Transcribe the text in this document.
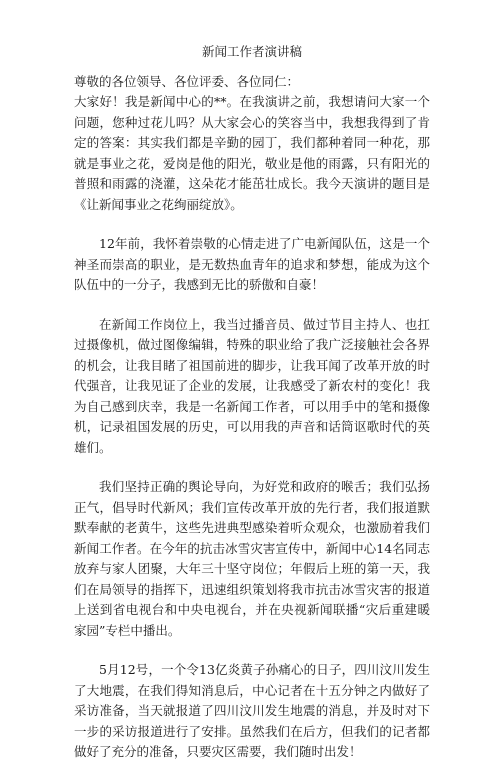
新闻工作者演讲稿

尊敬的各位领导、各位评委、各位同仁：

大家好！我是新闻中心的**。在我演讲之前，我想请问大家一个问题，您种过花儿吗？从大家会心的笑容当中，我想我得到了肯定的答案：其实我们都是辛勤的园丁，我们都种着同一种花，那就是事业之花，爱岗是他的阳光，敬业是他的雨露，只有阳光的普照和雨露的浇灌，这朵花才能茁壮成长。我今天演讲的题目是《让新闻事业之花绚丽绽放》。

12年前，我怀着崇敬的心情走进了广电新闻队伍，这是一个神圣而崇高的职业，是无数热血青年的追求和梦想，能成为这个队伍中的一分子，我感到无比的骄傲和自豪！

在新闻工作岗位上，我当过播音员、做过节目主持人、也扛过摄像机，做过图像编辑，特殊的职业给了我广泛接触社会各界的机会，让我目睹了祖国前进的脚步，让我耳闻了改革开放的时代强音，让我见证了企业的发展，让我感受了新农村的变化！我为自己感到庆幸，我是一名新闻工作者，可以用手中的笔和摄像机，记录祖国发展的历史，可以用我的声音和话筒讴歌时代的英雄们。

我们坚持正确的舆论导向，为好党和政府的喉舌；我们弘扬正气，倡导时代新风；我们宣传改革开放的先行者，我们报道默默奉献的老黄牛，这些先进典型感染着听众观众，也激励着我们新闻工作者。在今年的抗击冰雪灾害宣传中，新闻中心14名同志放弃与家人团聚，大年三十坚守岗位；年假后上班的第一天，我们在局领导的指挥下，迅速组织策划将我市抗击冰雪灾害的报道上送到省电视台和中央电视台，并在央视新闻联播“灾后重建暖家园”专栏中播出。

5月12号，一个令13亿炎黄子孙痛心的日子，四川汶川发生了大地震，在我们得知消息后，中心记者在十五分钟之内做好了采访准备，当天就报道了四川汶川发生地震的消息，并及时对下一步的采访报道进行了安排。虽然我们在后方，但我们的记者都做好了充分的准备，只要灾区需要，我们随时出发！
